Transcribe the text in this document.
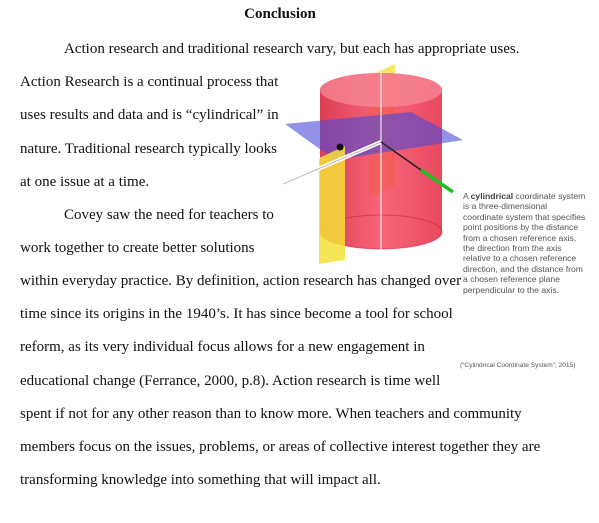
Conclusion
Action research and traditional research vary, but each has appropriate uses.
Action Research is a continual process that
uses results and data and is “cylindrical” in
nature. Traditional research typically looks
at one issue at a time.
Covey saw the need for teachers to
work together to create better solutions
within everyday practice. By definition, action research has changed over
time since its origins in the 1940’s. It has since become a tool for school
reform, as its very individual focus allows for a new engagement in
educational change (Ferrance, 2000, p.8). Action research is time well
spent if not for any other reason than to know more. When teachers and community
members focus on the issues, problems, or areas of collective interest together they are
transforming knowledge into something that will impact all.
A cylindrical coordinate system is a three-dimensional coordinate system that specifies point positions by the distance from a chosen reference axis, the direction from the axis relative to a chosen reference direction, and the distance from a chosen reference plane perpendicular to the axis.
(“Cylindrical Coordinate System”, 2015)
